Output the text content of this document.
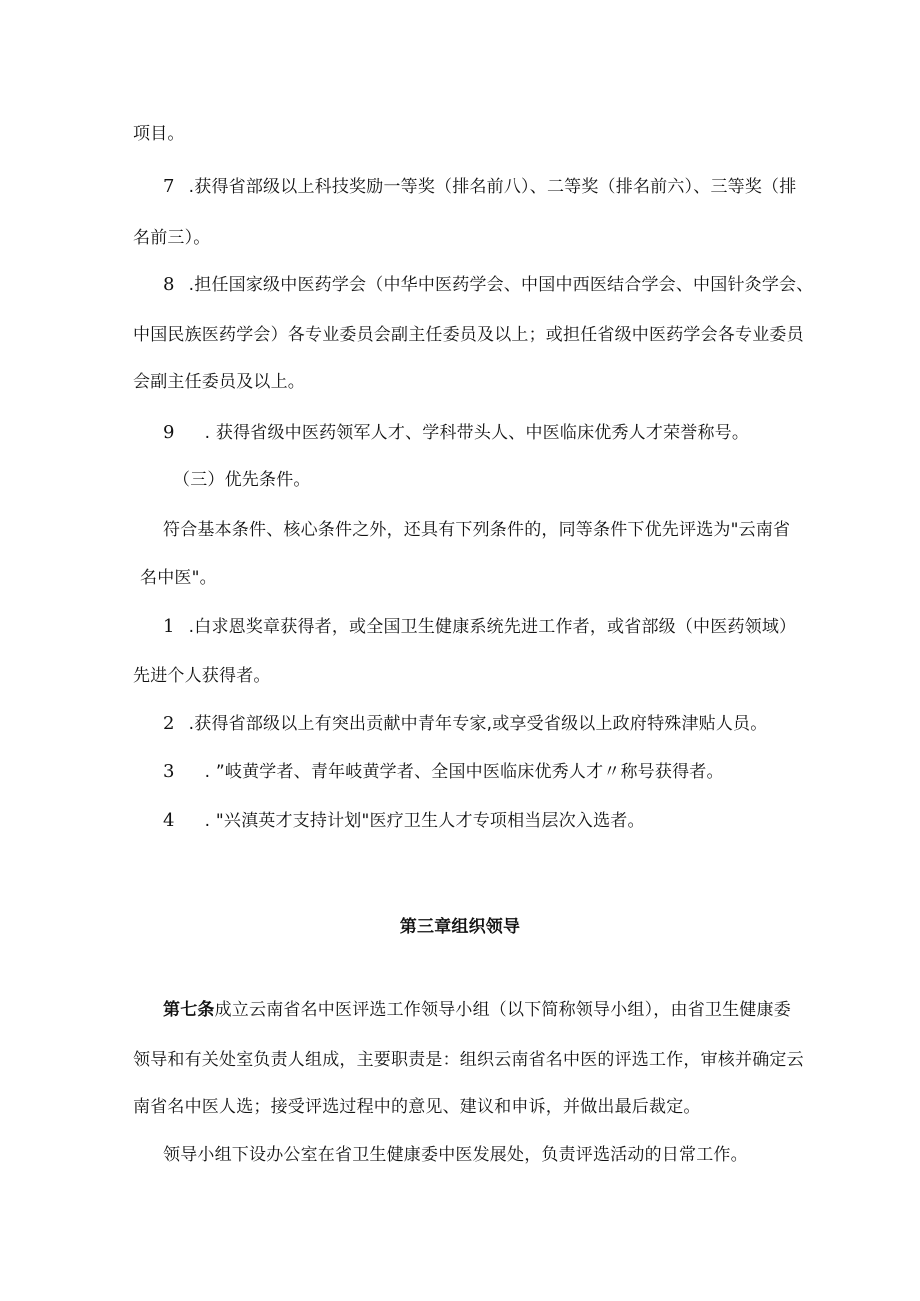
项目。
7 .获得省部级以上科技奖励一等奖（排名前八）、二等奖（排名前六）、三等奖（排
名前三）。
8 .担任国家级中医药学会（中华中医药学会、中国中西医结合学会、中国针灸学会、
中国民族医药学会）各专业委员会副主任委员及以上；或担任省级中医药学会各专业委员
会副主任委员及以上。
9 . 获得省级中医药领军人才、学科带头人、中医临床优秀人才荣誉称号。
（三）优先条件。
符合基本条件、核心条件之外，还具有下列条件的，同等条件下优先评选为"云南省
名中医"。
1 .白求恩奖章获得者，或全国卫生健康系统先进工作者，或省部级（中医药领域）
先进个人获得者。
2 .获得省部级以上有突出贡献中青年专家,或享受省级以上政府特殊津贴人员。
3 . ”岐黄学者、青年岐黄学者、全国中医临床优秀人才〃称号获得者。
4 . "兴滇英才支持计划"医疗卫生人才专项相当层次入选者。
第三章组织领导
第七条成立云南省名中医评选工作领导小组（以下简称领导小组），由省卫生健康委
领导和有关处室负责人组成，主要职责是：组织云南省名中医的评选工作，审核并确定云
南省名中医人选；接受评选过程中的意见、建议和申诉，并做出最后裁定。
领导小组下设办公室在省卫生健康委中医发展处，负责评选活动的日常工作。
